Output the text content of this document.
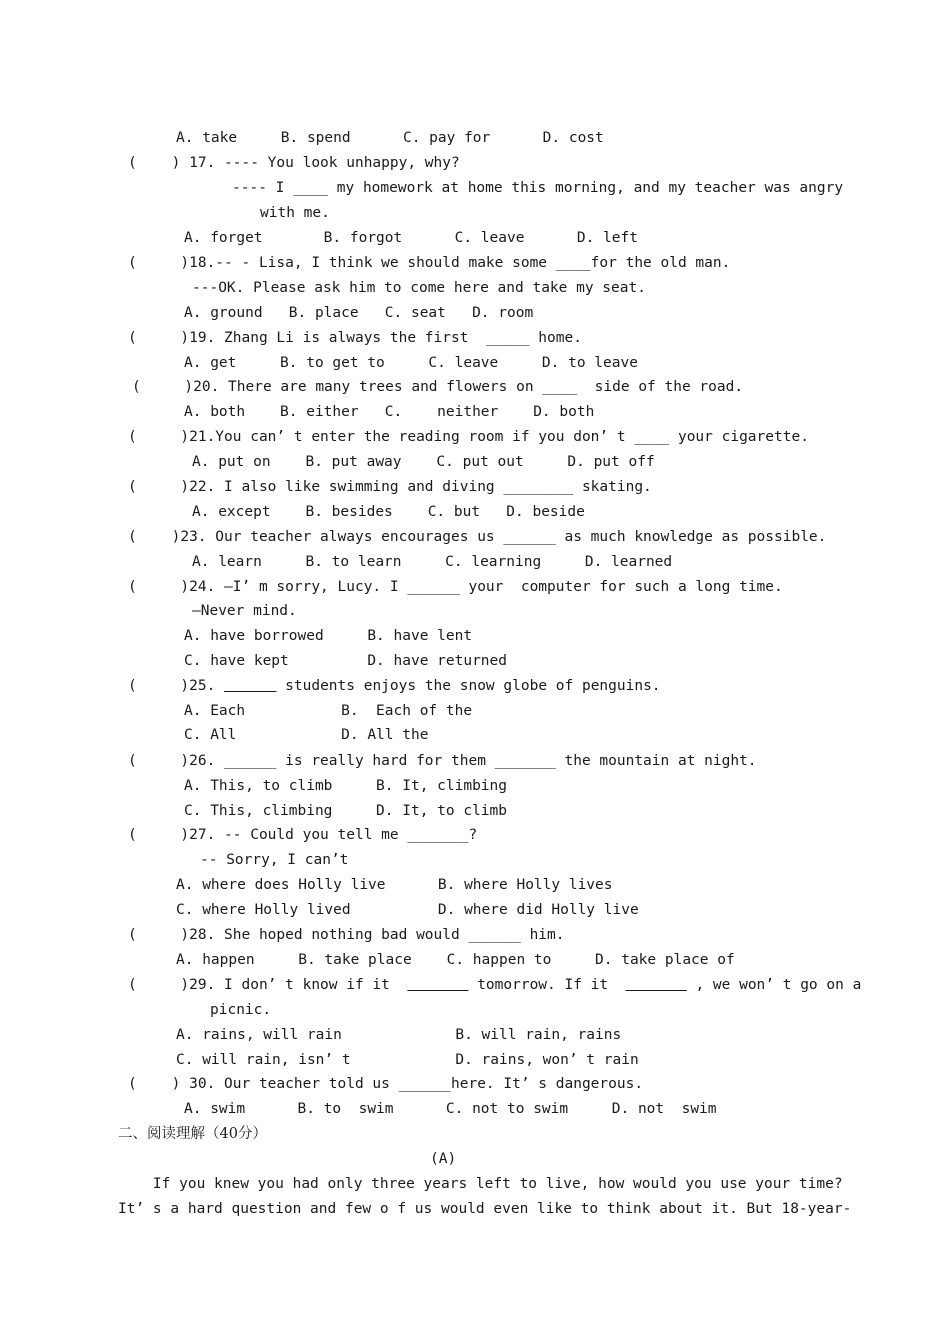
A. take     B. spend      C. pay for      D. cost
(    ) 17. ---- You look unhappy, why?
---- I ____ my homework at home this morning, and my teacher was angry
with me.
A. forget       B. forgot      C. leave      D. left
(     )18.-- - Lisa, I think we should make some ____for the old man.
---OK. Please ask him to come here and take my seat.
A. ground   B. place   C. seat   D. room
(     )19. Zhang Li is always the first  _____ home.
A. get     B. to get to     C. leave     D. to leave
(     )20. There are many trees and flowers on ____  side of the road.
A. both    B. either   C.    neither    D. both
(     )21.You can’ t enter the reading room if you don’ t ____ your cigarette.
A. put on    B. put away    C. put out     D. put off
(     )22. I also like swimming and diving ________ skating.
A. except    B. besides    C. but   D. beside
(    )23. Our teacher always encourages us ______ as much knowledge as possible.
A. learn     B. to learn     C. learning     D. learned
(     )24. —I’ m sorry, Lucy. I ______ your  computer for such a long time.
—Never mind.
A. have borrowed     B. have lent
C. have kept         D. have returned
(     )25.	students enjoys the snow globe of penguins.
A. Each           B.  Each of the
C. All            D. All the
(     )26. ______ is really hard for them _______ the mountain at night.
A. This, to climb     B. It, climbing
C. This, climbing     D. It, to climb
(     )27. -- Could you tell me _______?
-- Sorry, I can’t
A. where does Holly live      B. where Holly lives
C. where Holly lived          D. where did Holly live
(     )28. She hoped nothing bad would ______ him.
A. happen     B. take place    C. happen to     D. take place of
(     )29. I don’ t know if it	tomorrow. If it	, we won’ t go on a
picnic.
A. rains, will rain             B. will rain, rains
C. will rain, isn’ t            D. rains, won’ t rain
(    ) 30. Our teacher told us ______here. It’ s dangerous.
A. swim      B. to  swim      C. not to swim     D. not  swim
二、阅读理解（40分）
(A)
If you knew you had only three years left to live, how would you use your time?
It’ s a hard question and few o f us would even like to think about it. But 18-year-
